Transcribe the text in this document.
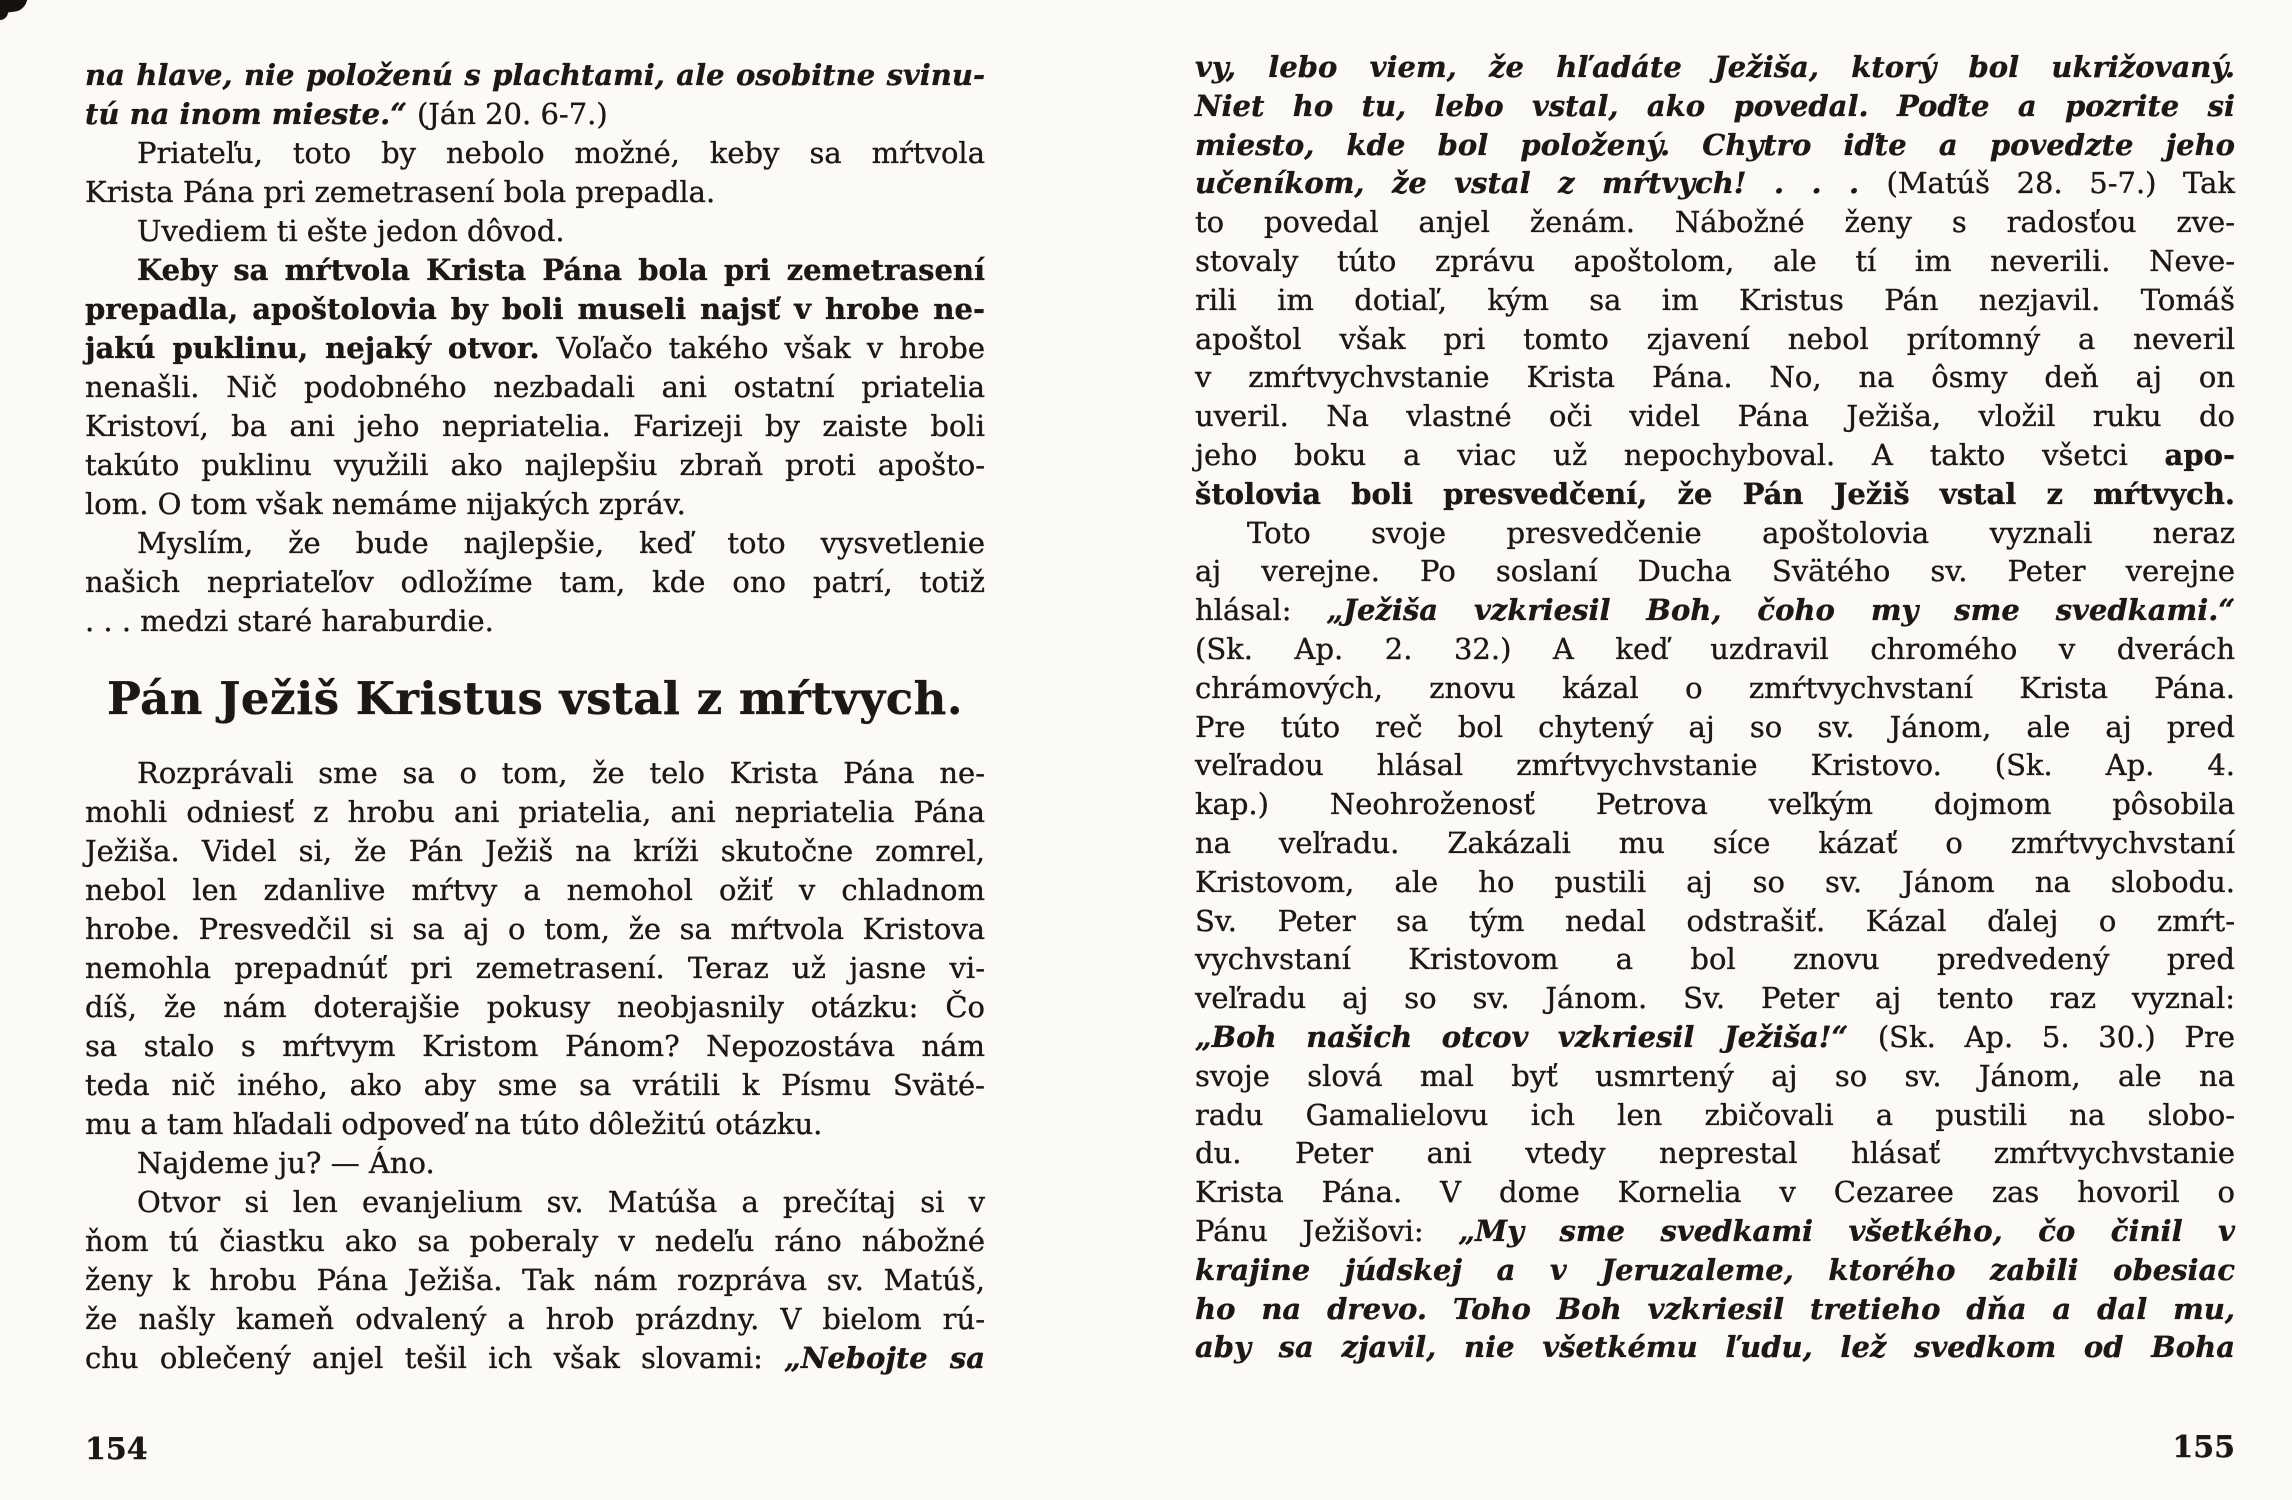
na hlave, nie položenú s plachtami, ale osobitne svinu-
tú na inom mieste.“ (Ján 20. 6-7.)
Priateľu, toto by nebolo možné, keby sa mŕtvola
Krista Pána pri zemetrasení bola prepadla.
Uvediem ti ešte jedon dôvod.
Keby sa mŕtvola Krista Pána bola pri zemetrasení
prepadla, apoštolovia by boli museli najsť v hrobe ne-
jakú puklinu, nejaký otvor. Voľačo takého však v hrobe
nenašli. Nič podobného nezbadali ani ostatní priatelia
Kristoví, ba ani jeho nepriatelia. Farizeji by zaiste boli
takúto puklinu využili ako najlepšiu zbraň proti apošto-
lom. O tom však nemáme nijakých zpráv.
Myslím, že bude najlepšie, keď toto vysvetlenie
našich nepriateľov odložíme tam, kde ono patrí, totiž
. . . medzi staré haraburdie.
Pán Ježiš Kristus vstal z mŕtvych.
Rozprávali sme sa o tom, že telo Krista Pána ne-
mohli odniesť z hrobu ani priatelia, ani nepriatelia Pána
Ježiša. Videl si, že Pán Ježiš na kríži skutočne zomrel,
nebol len zdanlive mŕtvy a nemohol ožiť v chladnom
hrobe. Presvedčil si sa aj o tom, že sa mŕtvola Kristova
nemohla prepadnúť pri zemetrasení. Teraz už jasne vi-
díš, že nám doterajšie pokusy neobjasnily otázku: Čo
sa stalo s mŕtvym Kristom Pánom? Nepozostáva nám
teda nič iného, ako aby sme sa vrátili k Písmu Sväté-
mu a tam hľadali odpoveď na túto dôležitú otázku.
Najdeme ju? — Áno.
Otvor si len evanjelium sv. Matúša a prečítaj si v
ňom tú čiastku ako sa poberaly v nedeľu ráno nábožné
ženy k hrobu Pána Ježiša. Tak nám rozpráva sv. Matúš,
že našly kameň odvalený a hrob prázdny. V bielom rú-
chu oblečený anjel tešil ich však slovami: „Nebojte sa
vy, lebo viem, že hľadáte Ježiša, ktorý bol ukrižovaný.
Niet ho tu, lebo vstal, ako povedal. Poďte a pozrite si
miesto, kde bol položený. Chytro iďte a povedzte jeho
učeníkom, že vstal z mŕtvych! . . . (Matúš 28. 5-7.) Tak
to povedal anjel ženám. Nábožné ženy s radosťou zve-
stovaly túto zprávu apoštolom, ale tí im neverili. Neve-
rili im dotiaľ, kým sa im Kristus Pán nezjavil. Tomáš
apoštol však pri tomto zjavení nebol prítomný a neveril
v zmŕtvychvstanie Krista Pána. No, na ôsmy deň aj on
uveril. Na vlastné oči videl Pána Ježiša, vložil ruku do
jeho boku a viac už nepochyboval. A takto všetci apo-
štolovia boli presvedčení, že Pán Ježiš vstal z mŕtvych.
Toto svoje presvedčenie apoštolovia vyznali neraz
aj verejne. Po soslaní Ducha Svätého sv. Peter verejne
hlásal: „Ježiša vzkriesil Boh, čoho my sme svedkami.“
(Sk. Ap. 2. 32.) A keď uzdravil chromého v dverách
chrámových, znovu kázal o zmŕtvychvstaní Krista Pána.
Pre túto reč bol chytený aj so sv. Jánom, ale aj pred
veľradou hlásal zmŕtvychvstanie Kristovo. (Sk. Ap. 4.
kap.) Neohroženosť Petrova veľkým dojmom pôsobila
na veľradu. Zakázali mu síce kázať o zmŕtvychvstaní
Kristovom, ale ho pustili aj so sv. Jánom na slobodu.
Sv. Peter sa tým nedal odstrašiť. Kázal ďalej o zmŕt-
vychvstaní Kristovom a bol znovu predvedený pred
veľradu aj so sv. Jánom. Sv. Peter aj tento raz vyznal:
„Boh našich otcov vzkriesil Ježiša!“ (Sk. Ap. 5. 30.) Pre
svoje slová mal byť usmrtený aj so sv. Jánom, ale na
radu Gamalielovu ich len zbičovali a pustili na slobo-
du. Peter ani vtedy neprestal hlásať zmŕtvychvstanie
Krista Pána. V dome Kornelia v Cezaree zas hovoril o
Pánu Ježišovi: „My sme svedkami všetkého, čo činil v
krajine júdskej a v Jeruzaleme, ktorého zabili obesiac
ho na drevo. Toho Boh vzkriesil tretieho dňa a dal mu,
aby sa zjavil, nie všetkému ľudu, lež svedkom od Boha
154	155
